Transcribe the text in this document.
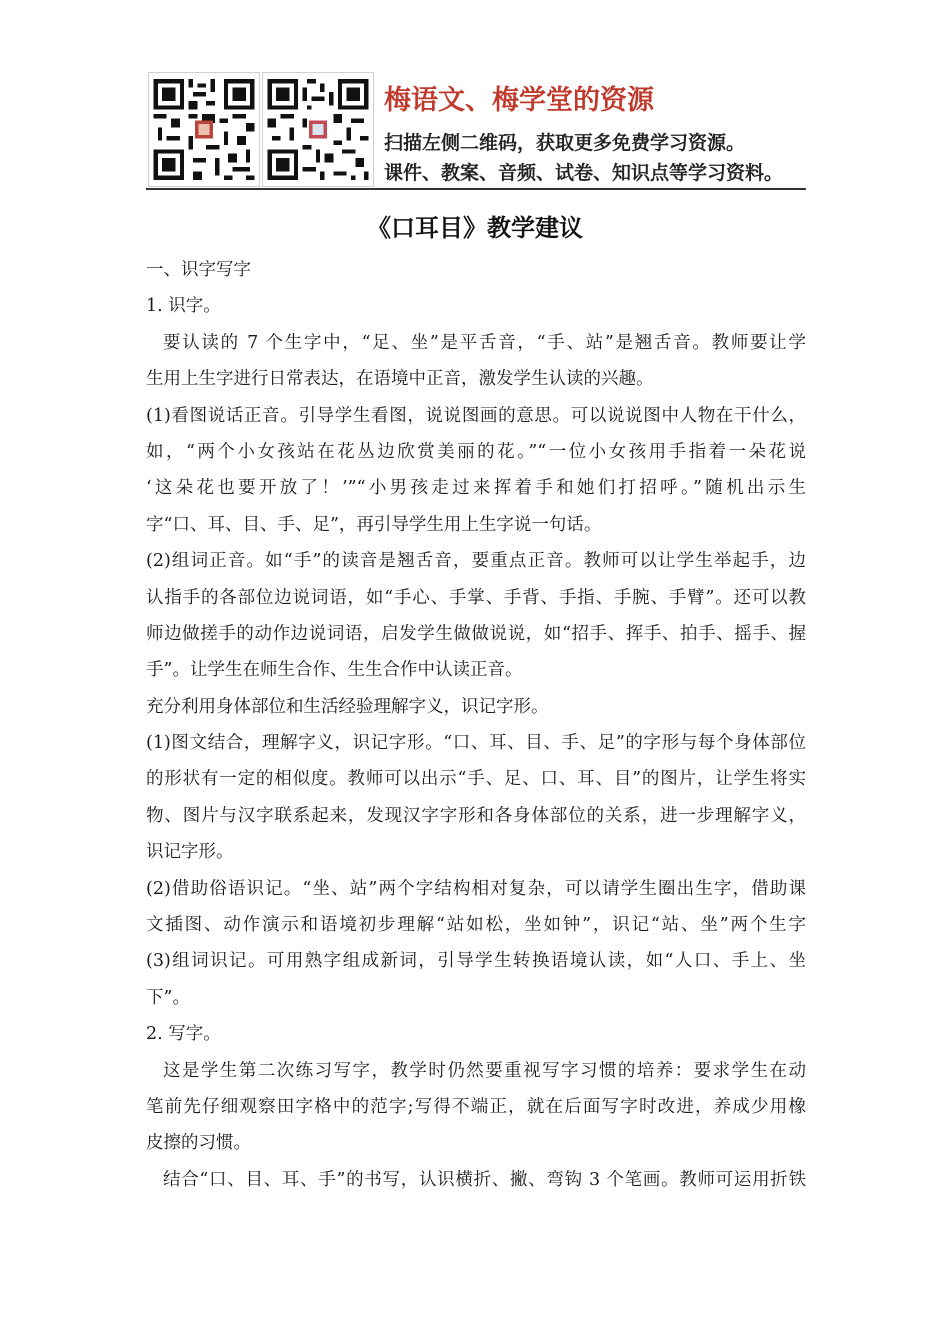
梅语文、梅学堂的资源
扫描左侧二维码，获取更多免费学习资源。
课件、教案、音频、试卷、知识点等学习资料。
《口耳目》教学建议
一、识字写字
1. 识字。
要认读的 7 个生字中，“足、坐”是平舌音，“手、站”是翘舌音。教师要让学
生用上生字进行日常表达，在语境中正音，激发学生认读的兴趣。
(1)看图说话正音。引导学生看图，说说图画的意思。可以说说图中人物在干什么，
如，“两个小女孩站在花丛边欣赏美丽的花。”“一位小女孩用手指着一朵花说
‘这朵花也要开放了！’”“小男孩走过来挥着手和她们打招呼。”随机出示生
字“口、耳、目、手、足”，再引导学生用上生字说一句话。
(2)组词正音。如“手”的读音是翘舌音，要重点正音。教师可以让学生举起手，边
认指手的各部位边说词语，如“手心、手掌、手背、手指、手腕、手臂”。还可以教
师边做搓手的动作边说词语，启发学生做做说说，如“招手、挥手、拍手、摇手、握
手”。让学生在师生合作、生生合作中认读正音。
充分利用身体部位和生活经验理解字义，识记字形。
(1)图文结合，理解字义，识记字形。“口、耳、目、手、足”的字形与每个身体部位
的形状有一定的相似度。教师可以出示“手、足、口、耳、目”的图片，让学生将实
物、图片与汉字联系起来，发现汉字字形和各身体部位的关系，进一步理解字义，
识记字形。
(2)借助俗语识记。“坐、站”两个字结构相对复杂，可以请学生圈出生字，借助课
文插图、动作演示和语境初步理解“站如松，坐如钟”，识记“站、坐”两个生字
(3)组词识记。可用熟字组成新词，引导学生转换语境认读，如“人口、手上、坐
下”。
2. 写字。
这是学生第二次练习写字，教学时仍然要重视写字习惯的培养：要求学生在动
笔前先仔细观察田字格中的范字;写得不端正，就在后面写字时改进，养成少用橡
皮擦的习惯。
结合“口、目、耳、手”的书写，认识横折、撇、弯钩 3 个笔画。教师可运用折铁
